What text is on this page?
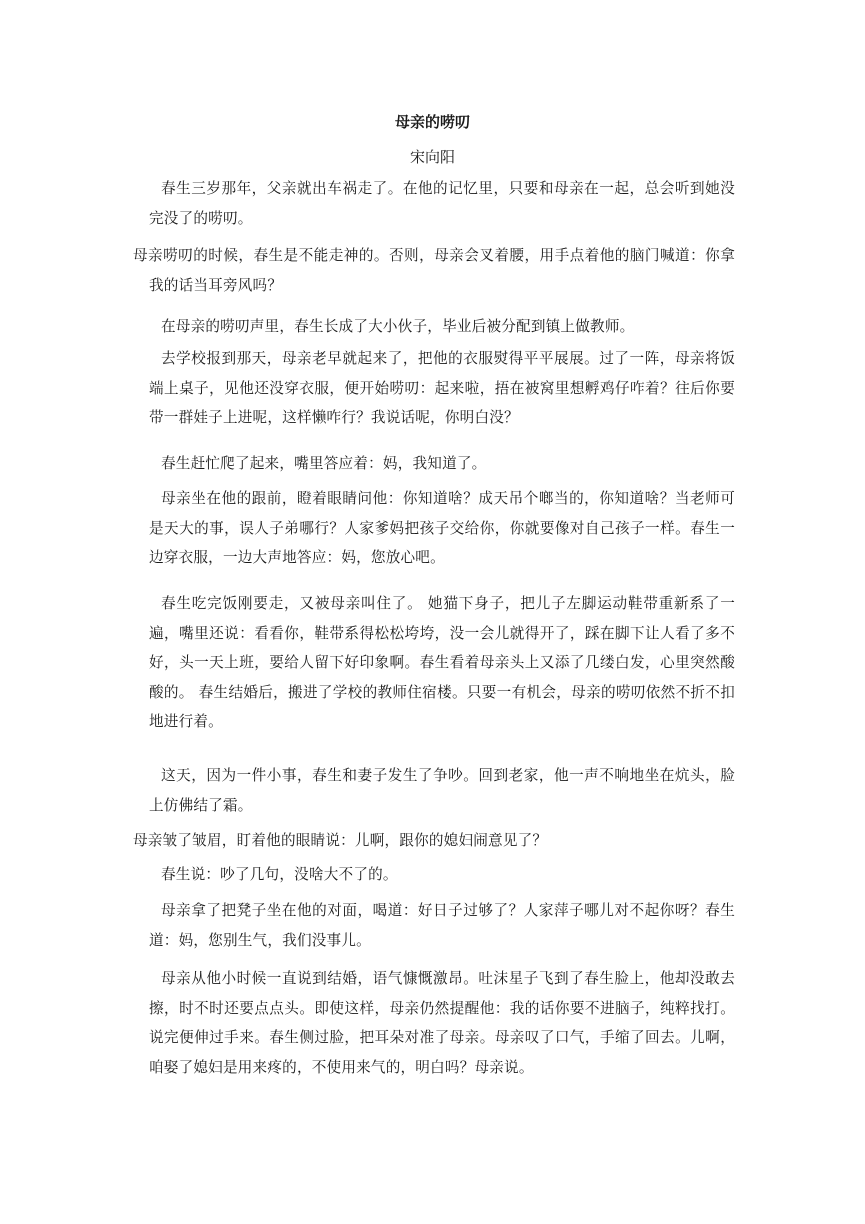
母亲的唠叨
宋向阳

春生三岁那年，父亲就出车祸走了。在他的记忆里，只要和母亲在一起，总会听到她没完没了的唠叨。

母亲唠叨的时候，春生是不能走神的。否则，母亲会叉着腰，用手点着他的脑门喊道：你拿我的话当耳旁风吗？

在母亲的唠叨声里，春生长成了大小伙子，毕业后被分配到镇上做教师。

去学校报到那天，母亲老早就起来了，把他的衣服熨得平平展展。过了一阵，母亲将饭端上桌子，见他还没穿衣服，便开始唠叨：起来啦，捂在被窝里想孵鸡仔咋着？往后你要带一群娃子上进呢，这样懒咋行？我说话呢，你明白没？

春生赶忙爬了起来，嘴里答应着：妈，我知道了。

母亲坐在他的跟前，瞪着眼睛问他：你知道啥？成天吊个啷当的，你知道啥？当老师可是天大的事，误人子弟哪行？人家爹妈把孩子交给你，你就要像对自己孩子一样。春生一边穿衣服，一边大声地答应：妈，您放心吧。

春生吃完饭刚要走，又被母亲叫住了。 她猫下身子，把儿子左脚运动鞋带重新系了一遍，嘴里还说：看看你，鞋带系得松松垮垮，没一会儿就得开了，踩在脚下让人看了多不好，头一天上班，要给人留下好印象啊。春生看着母亲头上又添了几缕白发，心里突然酸酸的。 春生结婚后，搬进了学校的教师住宿楼。只要一有机会，母亲的唠叨依然不折不扣地进行着。

这天，因为一件小事，春生和妻子发生了争吵。回到老家，他一声不响地坐在炕头，脸上仿佛结了霜。

母亲皱了皱眉，盯着他的眼睛说：儿啊，跟你的媳妇闹意见了？

春生说：吵了几句，没啥大不了的。

母亲拿了把凳子坐在他的对面，喝道：好日子过够了？人家萍子哪儿对不起你呀？春生道：妈，您别生气，我们没事儿。

母亲从他小时候一直说到结婚，语气慷慨激昂。吐沫星子飞到了春生脸上，他却没敢去擦，时不时还要点点头。即使这样，母亲仍然提醒他：我的话你要不进脑子，纯粹找打。说完便伸过手来。春生侧过脸，把耳朵对准了母亲。母亲叹了口气，手缩了回去。儿啊，咱娶了媳妇是用来疼的，不使用来气的，明白吗？母亲说。
